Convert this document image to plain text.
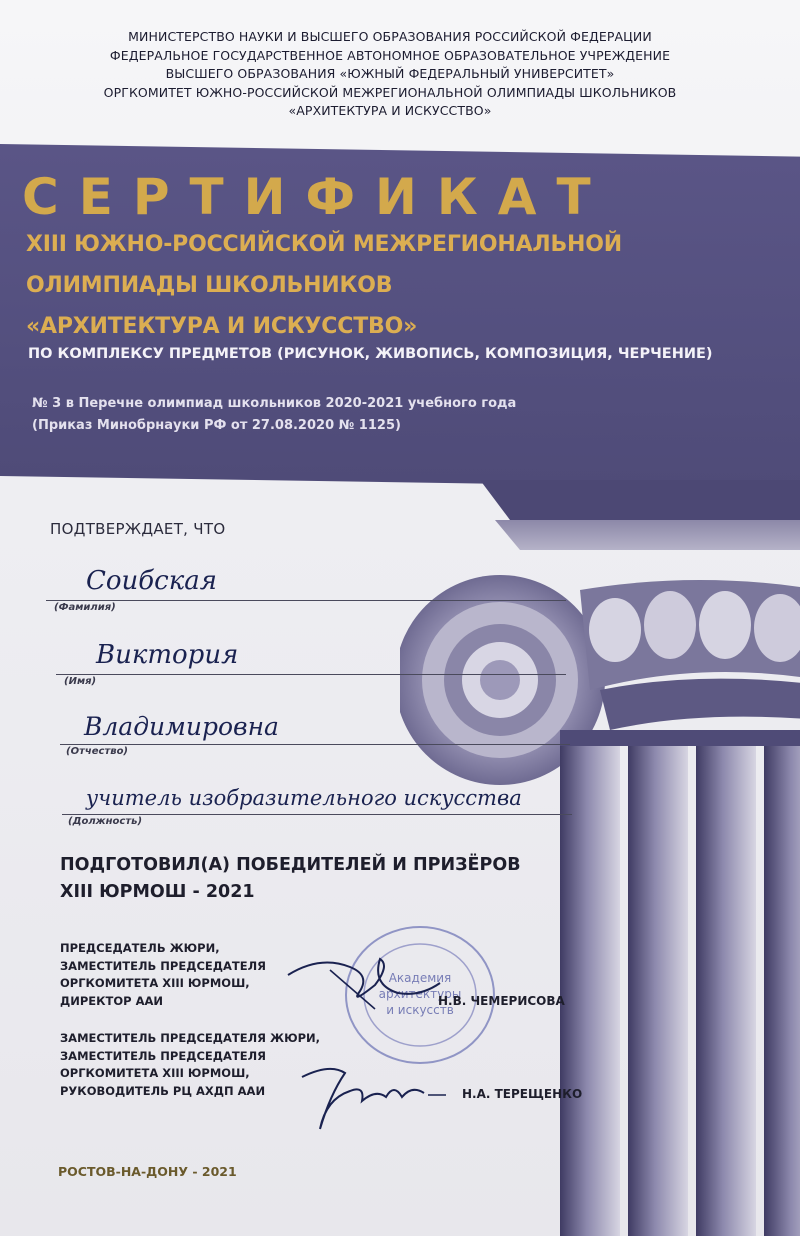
МИНИСТЕРСТВО НАУКИ И ВЫСШЕГО ОБРАЗОВАНИЯ РОССИЙСКОЙ ФЕДЕРАЦИИ
ФЕДЕРАЛЬНОЕ ГОСУДАРСТВЕННОЕ АВТОНОМНОЕ ОБРАЗОВАТЕЛЬНОЕ УЧРЕЖДЕНИЕ
ВЫСШЕГО ОБРАЗОВАНИЯ «ЮЖНЫЙ ФЕДЕРАЛЬНЫЙ УНИВЕРСИТЕТ»
ОРГКОМИТЕТ ЮЖНО-РОССИЙСКОЙ МЕЖРЕГИОНАЛЬНОЙ ОЛИМПИАДЫ ШКОЛЬНИКОВ
«АРХИТЕКТУРА И ИСКУССТВО»
СЕРТИФИКАТ
XIII ЮЖНО-РОССИЙСКОЙ МЕЖРЕГИОНАЛЬНОЙ
ОЛИМПИАДЫ ШКОЛЬНИКОВ
«АРХИТЕКТУРА И ИСКУССТВО»
ПО КОМПЛЕКСУ ПРЕДМЕТОВ (РИСУНОК, ЖИВОПИСЬ, КОМПОЗИЦИЯ, ЧЕРЧЕНИЕ)
№ 3 в Перечне олимпиад школьников 2020-2021 учебного года
(Приказ Минобрнауки РФ от 27.08.2020 № 1125)
ПОДТВЕРЖДАЕТ, ЧТО
Соибская
(Фамилия)
Виктория
(Имя)
Владимировна
(Отчество)
учитель изобразительного искусства
(Должность)
ПОДГОТОВИЛ(А) ПОБЕДИТЕЛЕЙ И ПРИЗЁРОВ
XIII ЮРМОШ - 2021
Академия
архитектуры
и искусств
ПРЕДСЕДАТЕЛЬ ЖЮРИ,
ЗАМЕСТИТЕЛЬ ПРЕДСЕДАТЕЛЯ
ОРГКОМИТЕТА XIII ЮРМОШ,
ДИРЕКТОР ААИ	Н.В. ЧЕМЕРИСОВА
ЗАМЕСТИТЕЛЬ ПРЕДСЕДАТЕЛЯ ЖЮРИ,
ЗАМЕСТИТЕЛЬ ПРЕДСЕДАТЕЛЯ
ОРГКОМИТЕТА XIII ЮРМОШ,
РУКОВОДИТЕЛЬ РЦ АХДП ААИ	Н.А. ТЕРЕЩЕНКО
РОСТОВ-НА-ДОНУ - 2021
